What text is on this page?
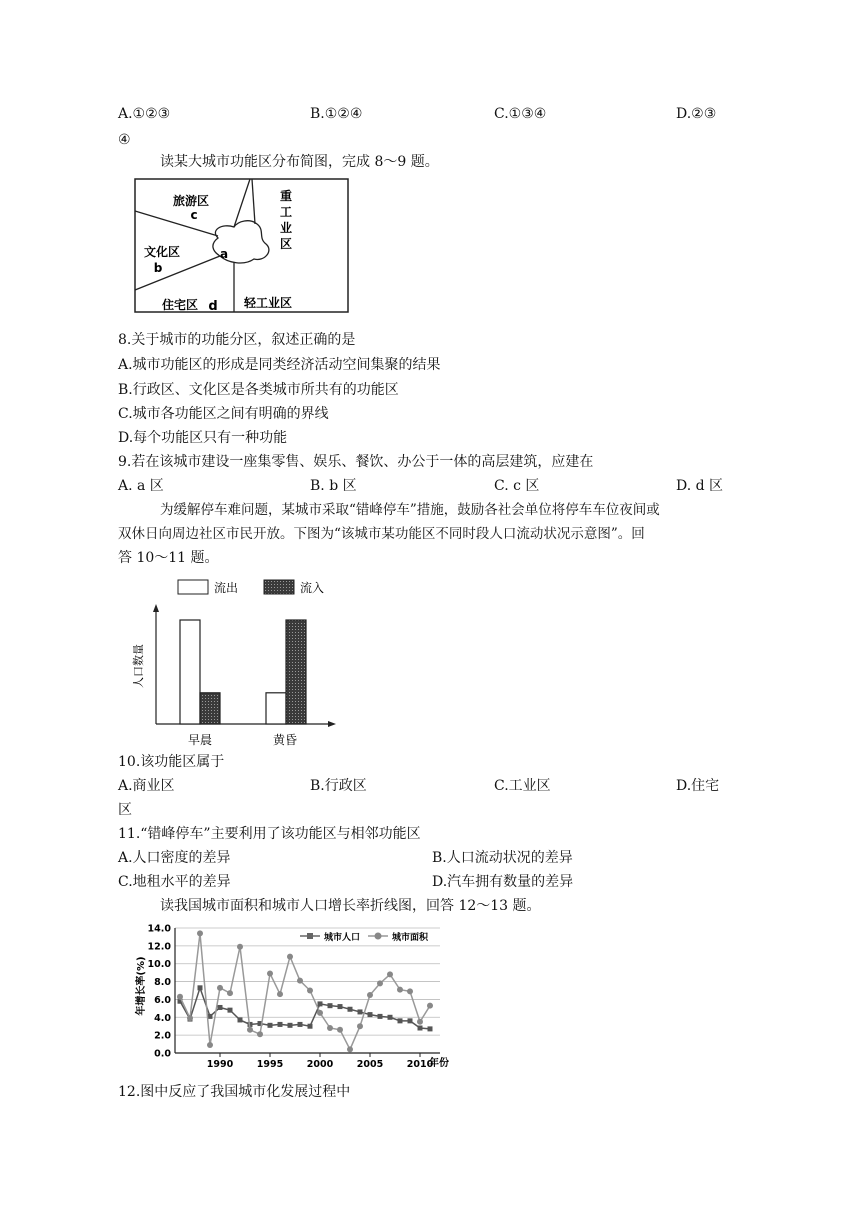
A.①②③	B.①②④	C.①③④	D.②③
④
读某大城市功能区分布简图，完成 8～9 题。
旅游区
c
重
工
业
区
文化区
b
a
住宅区 d 轻工业区
8.关于城市的功能分区，叙述正确的是
A.城市功能区的形成是同类经济活动空间集聚的结果
B.行政区、文化区是各类城市所共有的功能区
C.城市各功能区之间有明确的界线
D.每个功能区只有一种功能
9.若在该城市建设一座集零售、娱乐、餐饮、办公于一体的高层建筑，应建在
A. a 区	B. b 区	C. c 区	D. d 区
为缓解停车难问题，某城市采取“错峰停车”措施，鼓励各社会单位将停车车位夜间或
双休日向周边社区市民开放。下图为“该城市某功能区不同时段人口流动状况示意图”。回
答 10～11 题。
流出	流入
人口数量
早晨	黄昏
10.该功能区属于
A.商业区	B.行政区	C.工业区	D.住宅
区
11.“错峰停车”主要利用了该功能区与相邻功能区
A.人口密度的差异	B.人口流动状况的差异
C.地租水平的差异	D.汽车拥有数量的差异
读我国城市面积和城市人口增长率折线图，回答 12～13 题。
年增长率(%)
年份
0.0
2.0
4.0
6.0
8.0
10.0
12.0
14.0
1990 1995 2000 2005 2010
城市人口	城市面积
12.图中反应了我国城市化发展过程中
